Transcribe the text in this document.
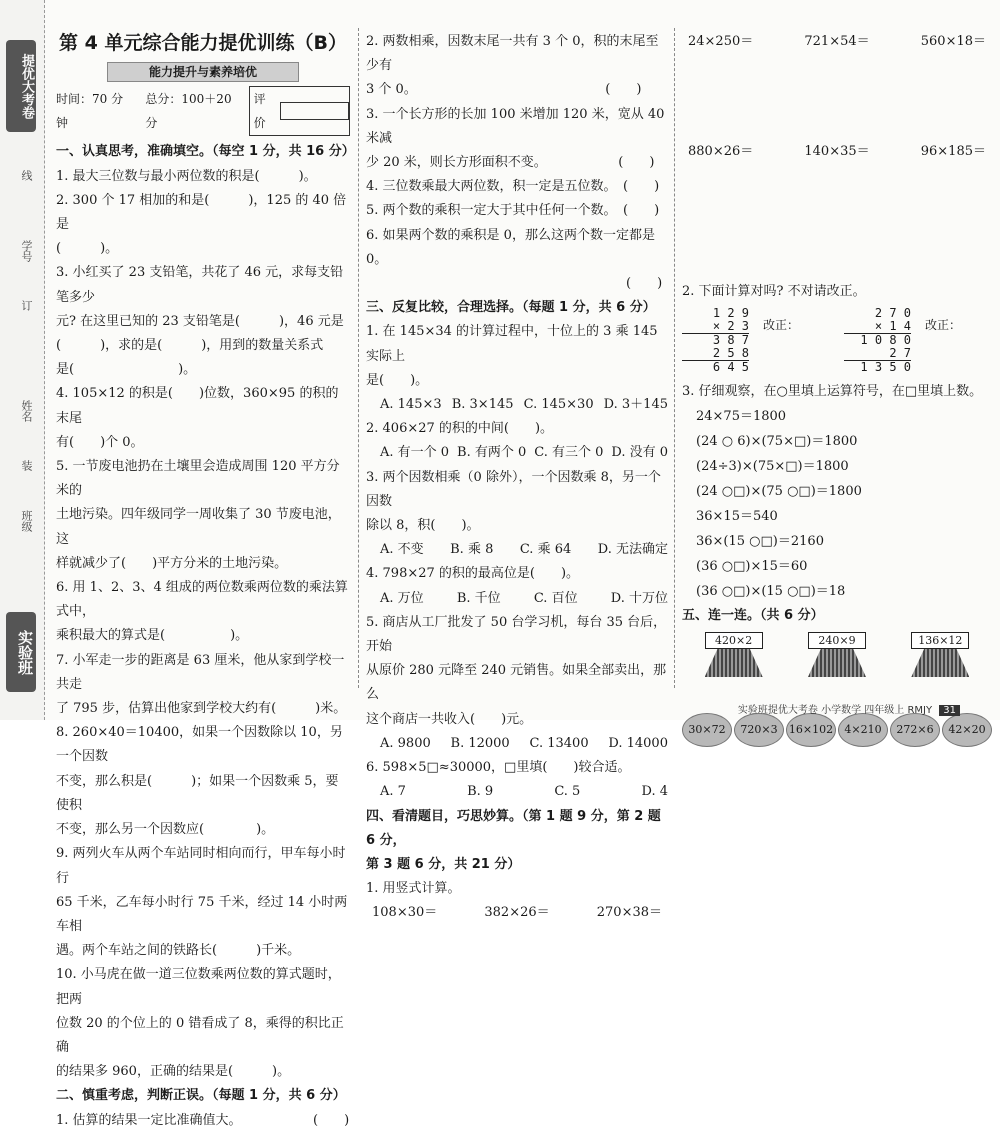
提优大考卷
线
学号
订
姓名
装
班级
实验班
第 4 单元综合能力提优训练（B）
能力提升与素养培优
时间：70 分钟
总分：100＋20 分
评价
一、认真思考，准确填空。（每空 1 分，共 16 分）
1. 最大三位数与最小两位数的积是(　　　)。
2. 300 个 17 相加的和是(　　　)，125 的 40 倍是
(　　　)。
3. 小红买了 23 支铅笔，共花了 46 元，求每支铅笔多少
元? 在这里已知的 23 支铅笔是(　　　)，46 元是
(　　　)，求的是(　　　)，用到的数量关系式
是(　　　　　　　　)。
4. 105×12 的积是(　　)位数，360×95 的积的末尾
有(　　)个 0。
5. 一节废电池扔在土壤里会造成周围 120 平方分米的
土地污染。四年级同学一周收集了 30 节废电池，这
样就减少了(　　)平方分米的土地污染。
6. 用 1、2、3、4 组成的两位数乘两位数的乘法算式中，
乘积最大的算式是(　　　　　)。
7. 小军走一步的距离是 63 厘米，他从家到学校一共走
了 795 步，估算出他家到学校大约有(　　　)米。
8. 260×40＝10400，如果一个因数除以 10，另一个因数
不变，那么积是(　　　)；如果一个因数乘 5，要使积
不变，那么另一个因数应(　　　　)。
9. 两列火车从两个车站同时相向而行，甲车每小时行
65 千米，乙车每小时行 75 千米，经过 14 小时两车相
遇。两个车站之间的铁路长(　　　)千米。
10. 小马虎在做一道三位数乘两位数的算式题时，把两
位数 20 的个位上的 0 错看成了 8，乘得的积比正确
的结果多 960，正确的结果是(　　　)。
二、慎重考虑，判断正误。（每题 1 分，共 6 分）
1. 估算的结果一定比准确值大。　　　　　　(　　)
2. 两数相乘，因数末尾一共有 3 个 0，积的末尾至少有
3 个 0。　　　　　　　　　　　　　　　(　　)
3. 一个长方形的长加 100 米增加 120 米，宽从 40 米减
少 20 米，则长方形面积不变。　　　　　　(　　)
4. 三位数乘最大两位数，积一定是五位数。　(　　)
5. 两个数的乘积一定大于其中任何一个数。　(　　)
6. 如果两个数的乘积是 0，那么这两个数一定都是 0。
　　　　　　　　　　　　　　　　　　　　(　　)
三、反复比较，合理选择。（每题 1 分，共 6 分）
1. 在 145×34 的计算过程中，十位上的 3 乘 145 实际上
是(　　)。
A. 145×3 B. 3×145 C. 145×30 D. 3＋145
2. 406×27 的积的中间(　　)。
A. 有一个 0 B. 有两个 0 C. 有三个 0 D. 没有 0
3. 两个因数相乘（0 除外），一个因数乘 8，另一个因数
除以 8，积(　　)。
A. 不变 B. 乘 8 C. 乘 64 D. 无法确定
4. 798×27 的积的最高位是(　　)。
A. 万位	B. 千位	C. 百位	D. 十万位
5. 商店从工厂批发了 50 台学习机，每台 35 台后，开始
从原价 280 元降至 240 元销售。如果全部卖出，那么
这个商店一共收入(　　)元。
A. 9800 B. 12000 C. 13400 D. 14000
6. 598×5□≈30000，□里填(　　)较合适。
A. 7	B. 9	C. 5	D. 4
四、看清题目，巧思妙算。（第 1 题 9 分，第 2 题 6 分，
第 3 题 6 分，共 21 分）
1. 用竖式计算。
108×30＝	382×26＝	270×38＝
24×250＝	721×54＝	560×18＝
880×26＝	140×35＝	96×185＝
2. 下面计算对吗? 不对请改正。
1 2 9
× 2 3
3 8 7
2 5 8
6 4 5
改正：
2 7 0
× 1 4
1 0 8 0
2 7
1 3 5 0
改正：
3. 仔细观察，在○里填上运算符号，在□里填上数。
24×75＝1800
(24 ○ 6)×(75×□)＝1800
(24÷3)×(75×□)＝1800
(24 ○□)×(75 ○□)＝1800
36×15＝540
36×(15 ○□)＝2160
(36 ○□)×15＝60
(36 ○□)×(15 ○□)＝18
五、连一连。（共 6 分）
420×2	240×9	136×12
30×72	720×3	16×102	4×210	272×6	42×20
实验班提优大考卷 小学数学 四年级上 RMJY 31
